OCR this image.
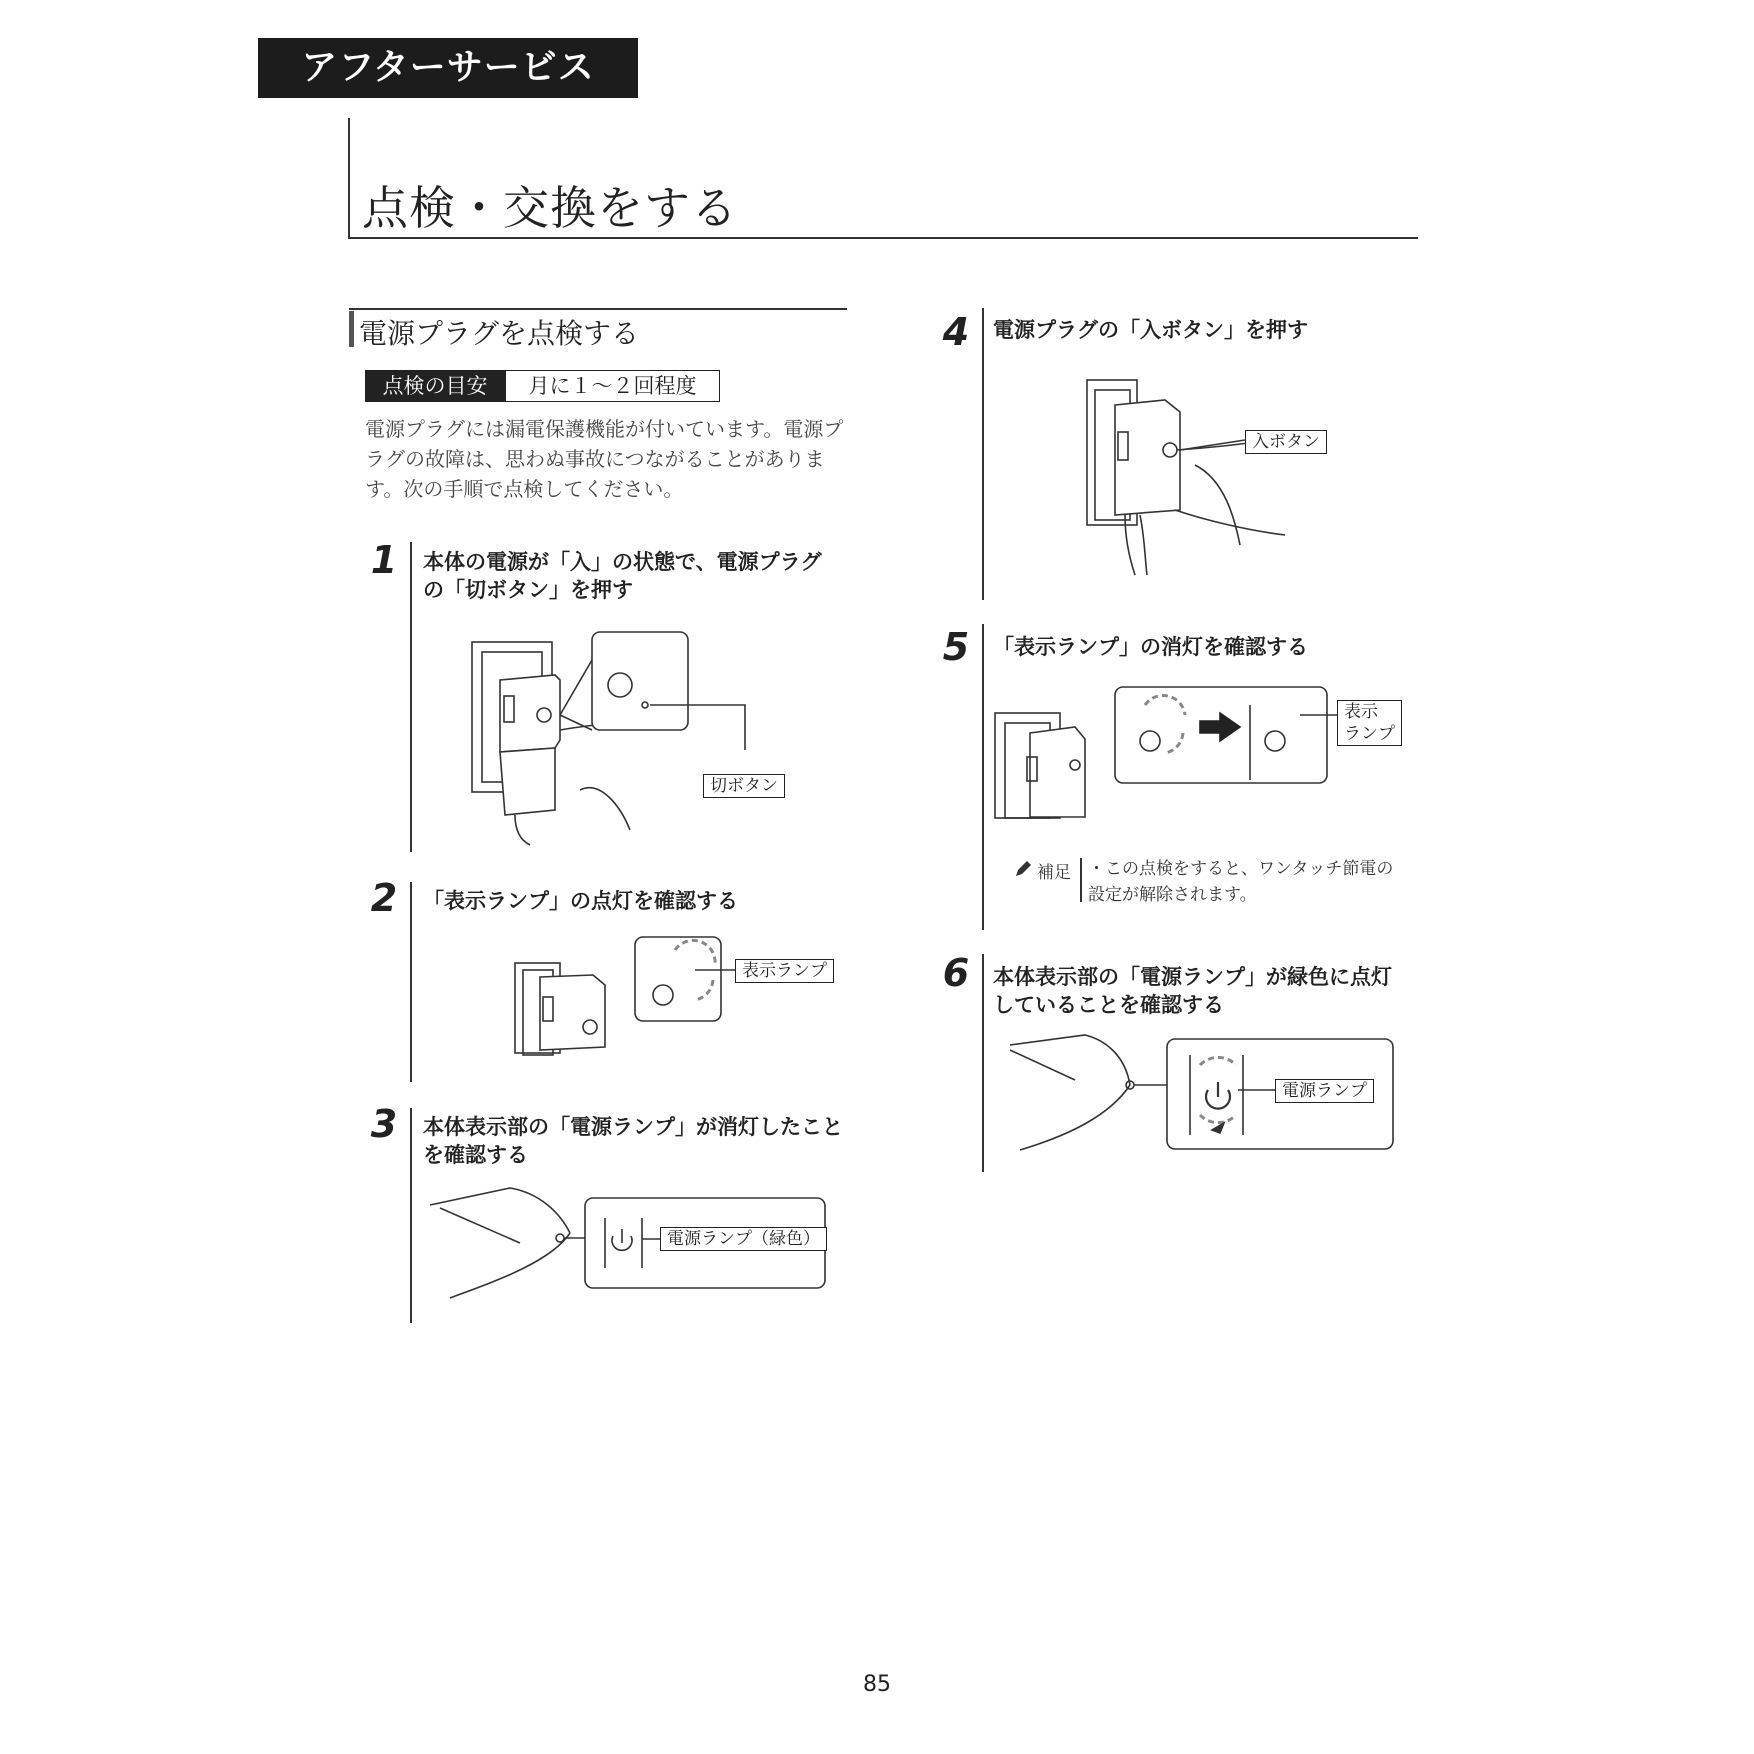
アフターサービス
点検・交換をする
電源プラグを点検する
点検の目安	月に１～２回程度
電源プラグには漏電保護機能が付いています。電源プラグの故障は、思わぬ事故につながることがあります。次の手順で点検してください。
1 本体の電源が「入」の状態で、電源プラグの「切ボタン」を押す
切ボタン
2 「表示ランプ」の点灯を確認する
表示ランプ
3 本体表示部の「電源ランプ」が消灯したことを確認する
電源ランプ（緑色）
4 電源プラグの「入ボタン」を押す
入ボタン
5 「表示ランプ」の消灯を確認する
表示
ランプ
補足 ・この点検をすると、ワンタッチ節電の設定が解除されます。
6 本体表示部の「電源ランプ」が緑色に点灯していることを確認する
電源ランプ
85
